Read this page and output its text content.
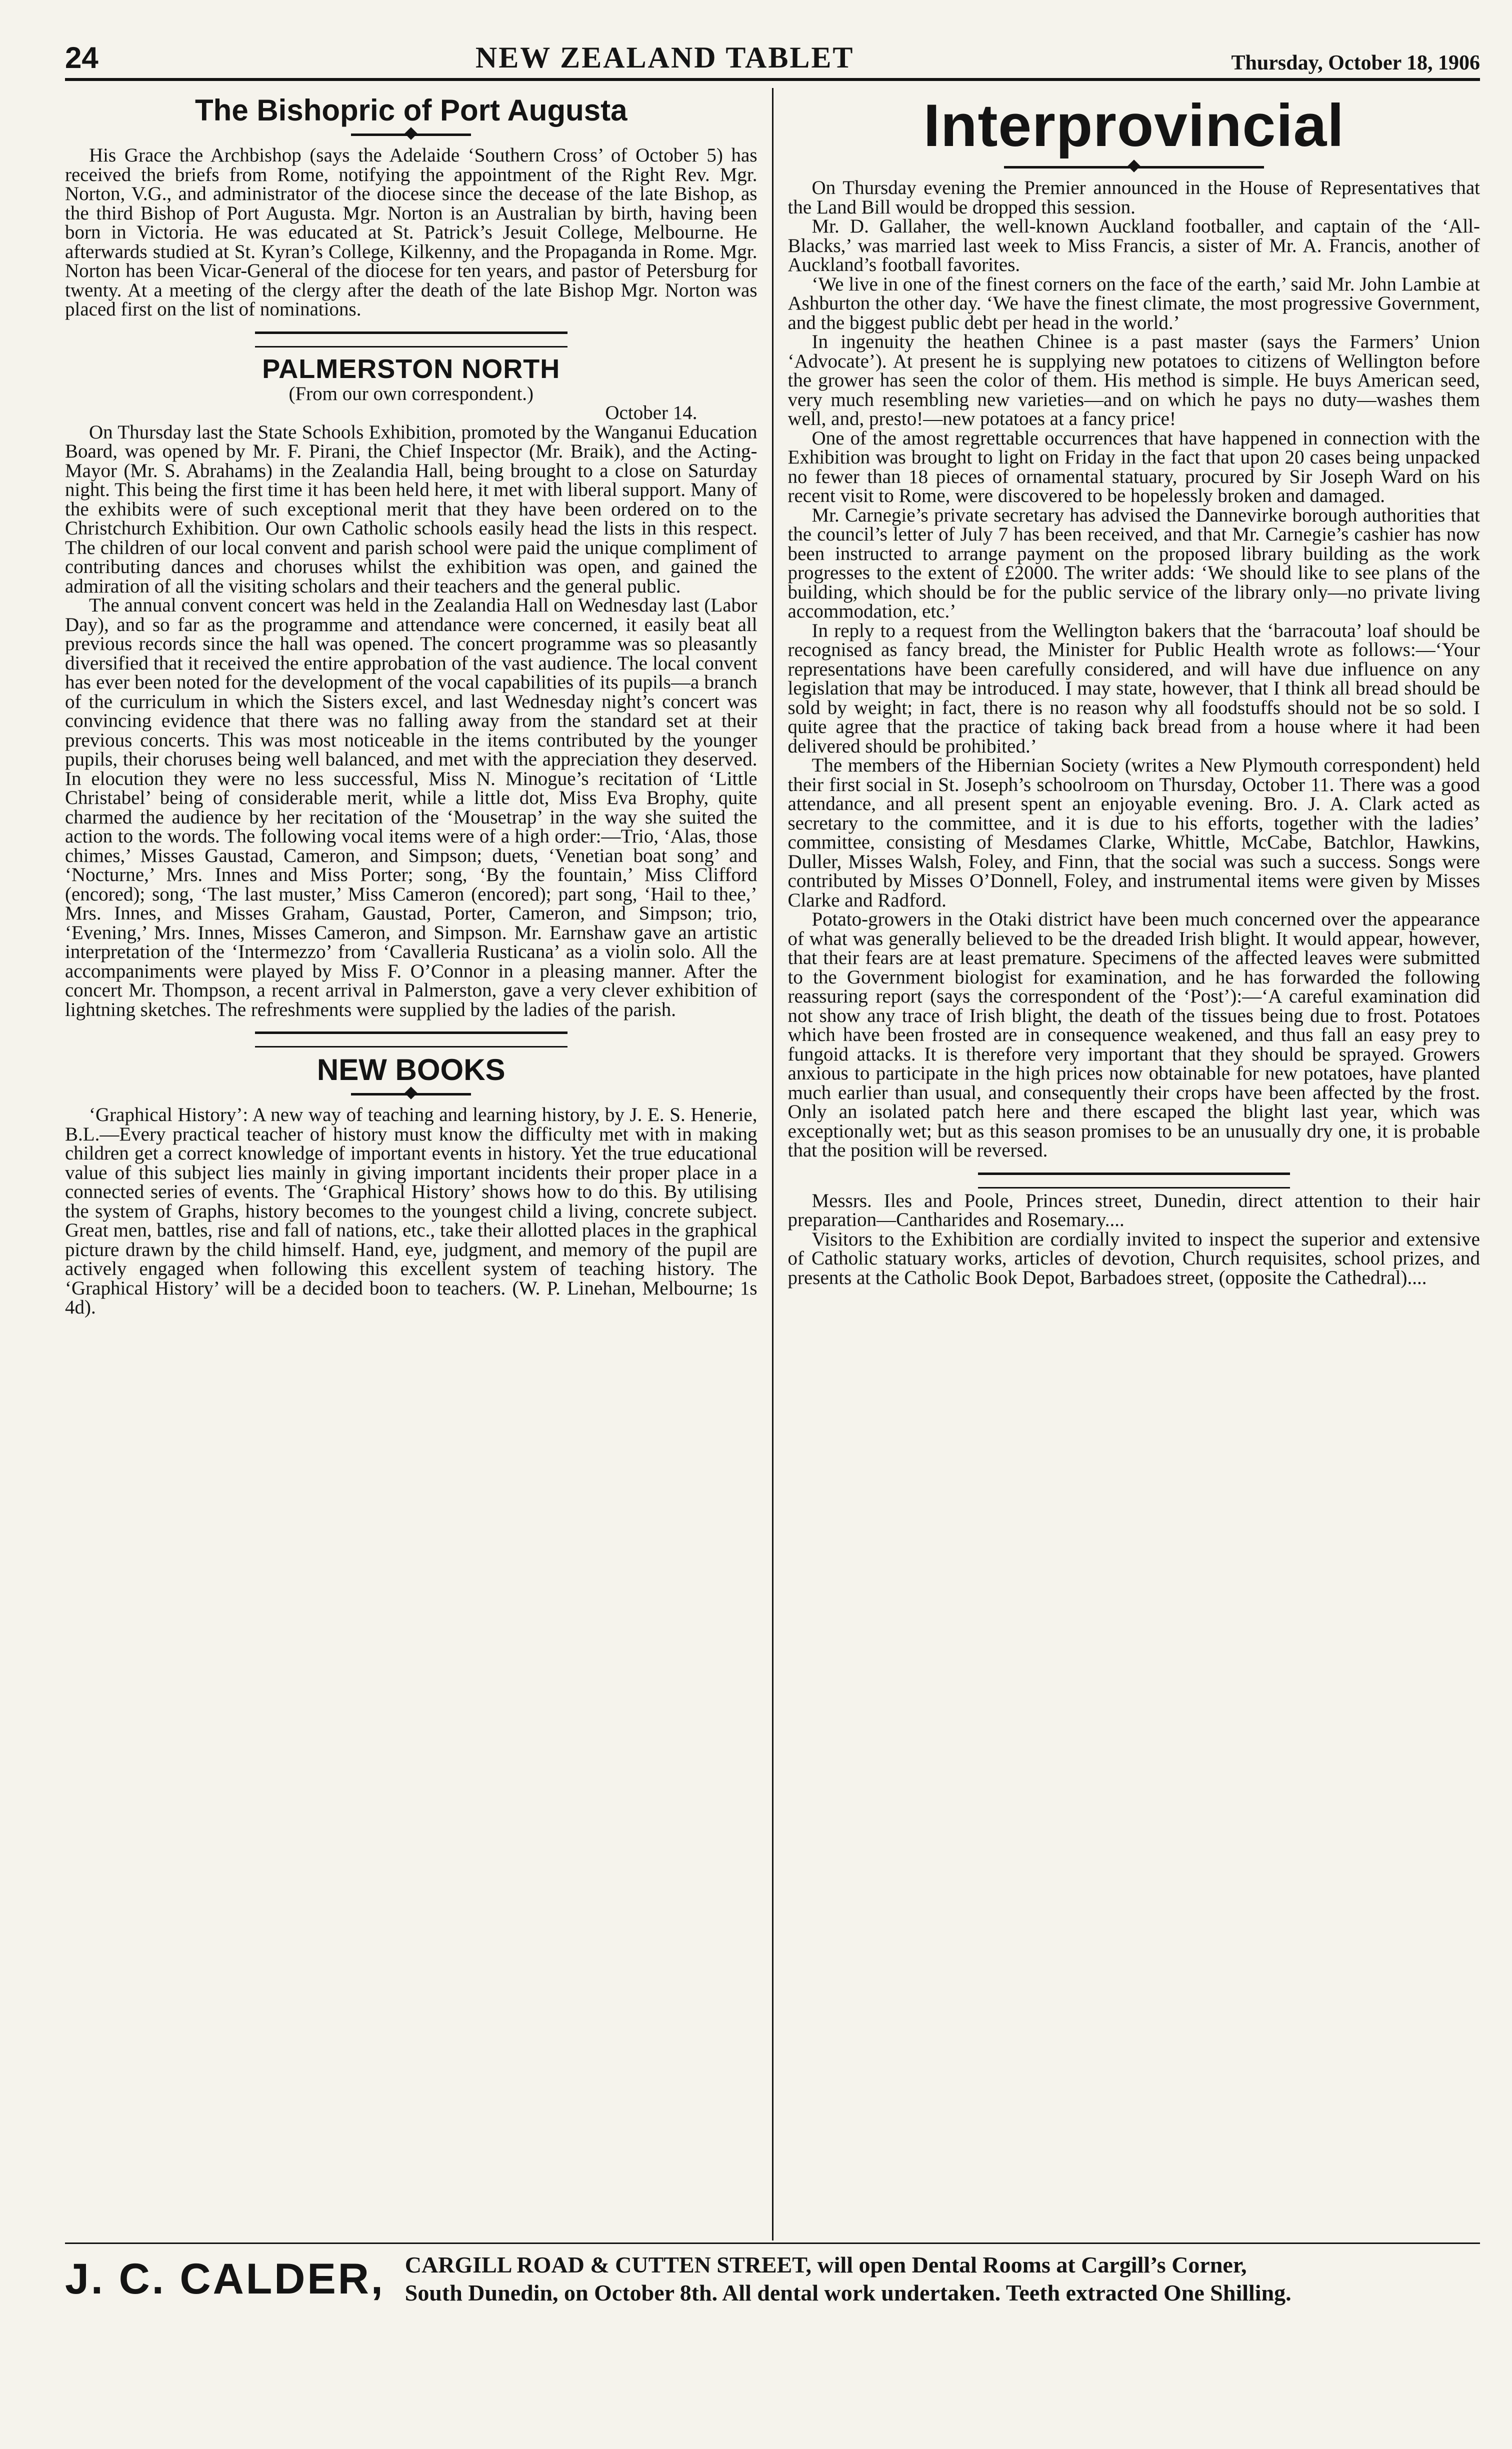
24	NEW ZEALAND TABLET	Thursday, October 18, 1906
The Bishopric of Port Augusta

His Grace the Archbishop (says the Adelaide ‘Southern Cross’ of October 5) has received the briefs from Rome, notifying the appointment of the Right Rev. Mgr. Norton, V.G., and administrator of the diocese since the decease of the late Bishop, as the third Bishop of Port Augusta. Mgr. Norton is an Australian by birth, having been born in Victoria. He was educated at St. Patrick’s Jesuit College, Melbourne. He afterwards studied at St. Kyran’s College, Kilkenny, and the Propaganda in Rome. Mgr. Norton has been Vicar-General of the diocese for ten years, and pastor of Petersburg for twenty. At a meeting of the clergy after the death of the late Bishop Mgr. Norton was placed first on the list of nominations.

PALMERSTON NORTH

(From our own correspondent.)

October 14.

On Thursday last the State Schools Exhibition, promoted by the Wanganui Education Board, was opened by Mr. F. Pirani, the Chief Inspector (Mr. Braik), and the Acting-Mayor (Mr. S. Abrahams) in the Zealandia Hall, being brought to a close on Saturday night. This being the first time it has been held here, it met with liberal support. Many of the exhibits were of such exceptional merit that they have been ordered on to the Christchurch Exhibition. Our own Catholic schools easily head the lists in this respect. The children of our local convent and parish school were paid the unique compliment of contributing dances and choruses whilst the exhibition was open, and gained the admiration of all the visiting scholars and their teachers and the general public.

The annual convent concert was held in the Zealandia Hall on Wednesday last (Labor Day), and so far as the programme and attendance were concerned, it easily beat all previous records since the hall was opened. The concert programme was so pleasantly diversified that it received the entire approbation of the vast audience. The local convent has ever been noted for the development of the vocal capabilities of its pupils—a branch of the curriculum in which the Sisters excel, and last Wednesday night’s concert was convincing evidence that there was no falling away from the standard set at their previous concerts. This was most noticeable in the items contributed by the younger pupils, their choruses being well balanced, and met with the appreciation they deserved. In elocution they were no less successful, Miss N. Minogue’s recitation of ‘Little Christabel’ being of considerable merit, while a little dot, Miss Eva Brophy, quite charmed the audience by her recitation of the ‘Mousetrap’ in the way she suited the action to the words. The following vocal items were of a high order:—Trio, ‘Alas, those chimes,’ Misses Gaustad, Cameron, and Simpson; duets, ‘Venetian boat song’ and ‘Nocturne,’ Mrs. Innes and Miss Porter; song, ‘By the fountain,’ Miss Clifford (encored); song, ‘The last muster,’ Miss Cameron (encored); part song, ‘Hail to thee,’ Mrs. Innes, and Misses Graham, Gaustad, Porter, Cameron, and Simpson; trio, ‘Evening,’ Mrs. Innes, Misses Cameron, and Simpson. Mr. Earnshaw gave an artistic interpretation of the ‘Intermezzo’ from ‘Cavalleria Rusticana’ as a violin solo. All the accompaniments were played by Miss F. O’Connor in a pleasing manner. After the concert Mr. Thompson, a recent arrival in Palmerston, gave a very clever exhibition of lightning sketches. The refreshments were supplied by the ladies of the parish.

NEW BOOKS

‘Graphical History’: A new way of teaching and learning history, by J. E. S. Henerie, B.L.—Every practical teacher of history must know the difficulty met with in making children get a correct knowledge of important events in history. Yet the true educational value of this subject lies mainly in giving important incidents their proper place in a connected series of events. The ‘Graphical History’ shows how to do this. By utilising the system of Graphs, history becomes to the youngest child a living, concrete subject. Great men, battles, rise and fall of nations, etc., take their allotted places in the graphical picture drawn by the child himself. Hand, eye, judgment, and memory of the pupil are actively engaged when following this excellent system of teaching history. The ‘Graphical History’ will be a decided boon to teachers. (W. P. Linehan, Melbourne; 1s 4d).

Interprovincial

On Thursday evening the Premier announced in the House of Representatives that the Land Bill would be dropped this session.

Mr. D. Gallaher, the well-known Auckland footballer, and captain of the ‘All-Blacks,’ was married last week to Miss Francis, a sister of Mr. A. Francis, another of Auckland’s football favorites.

‘We live in one of the finest corners on the face of the earth,’ said Mr. John Lambie at Ashburton the other day. ‘We have the finest climate, the most progressive Government, and the biggest public debt per head in the world.’

In ingenuity the heathen Chinee is a past master (says the Farmers’ Union ‘Advocate’). At present he is supplying new potatoes to citizens of Wellington before the grower has seen the color of them. His method is simple. He buys American seed, very much resembling new varieties—and on which he pays no duty—washes them well, and, presto!—new potatoes at a fancy price!

One of the amost regrettable occurrences that have happened in connection with the Exhibition was brought to light on Friday in the fact that upon 20 cases being unpacked no fewer than 18 pieces of ornamental statuary, procured by Sir Joseph Ward on his recent visit to Rome, were discovered to be hopelessly broken and damaged.

Mr. Carnegie’s private secretary has advised the Dannevirke borough authorities that the council’s letter of July 7 has been received, and that Mr. Carnegie’s cashier has now been instructed to arrange payment on the proposed library building as the work progresses to the extent of £2000. The writer adds: ‘We should like to see plans of the building, which should be for the public service of the library only—no private living accommodation, etc.’

In reply to a request from the Wellington bakers that the ‘barracouta’ loaf should be recognised as fancy bread, the Minister for Public Health wrote as follows:—‘Your representations have been carefully considered, and will have due influence on any legislation that may be introduced. I may state, however, that I think all bread should be sold by weight; in fact, there is no reason why all foodstuffs should not be so sold. I quite agree that the practice of taking back bread from a house where it had been delivered should be prohibited.’

The members of the Hibernian Society (writes a New Plymouth correspondent) held their first social in St. Joseph’s schoolroom on Thursday, October 11. There was a good attendance, and all present spent an enjoyable evening. Bro. J. A. Clark acted as secretary to the committee, and it is due to his efforts, together with the ladies’ committee, consisting of Mesdames Clarke, Whittle, McCabe, Batchlor, Hawkins, Duller, Misses Walsh, Foley, and Finn, that the social was such a success. Songs were contributed by Misses O’Donnell, Foley, and instrumental items were given by Misses Clarke and Radford.

Potato-growers in the Otaki district have been much concerned over the appearance of what was generally believed to be the dreaded Irish blight. It would appear, however, that their fears are at least premature. Specimens of the affected leaves were submitted to the Government biologist for examination, and he has forwarded the following reassuring report (says the correspondent of the ‘Post’):—‘A careful examination did not show any trace of Irish blight, the death of the tissues being due to frost. Potatoes which have been frosted are in consequence weakened, and thus fall an easy prey to fungoid attacks. It is therefore very important that they should be sprayed. Growers anxious to participate in the high prices now obtainable for new potatoes, have planted much earlier than usual, and consequently their crops have been affected by the frost. Only an isolated patch here and there escaped the blight last year, which was exceptionally wet; but as this season promises to be an unusually dry one, it is probable that the position will be reversed.

Messrs. Iles and Poole, Princes street, Dunedin, direct attention to their hair preparation—Cantharides and Rosemary....

Visitors to the Exhibition are cordially invited to inspect the superior and extensive of Catholic statuary works, articles of devotion, Church requisites, school prizes, and presents at the Catholic Book Depot, Barbadoes street, (opposite the Cathedral)....

J. C. CALDER, CARGILL ROAD & CUTTEN STREET, will open Dental Rooms at Cargill’s Corner,
South Dunedin, on October 8th. All dental work undertaken. Teeth extracted One Shilling.
